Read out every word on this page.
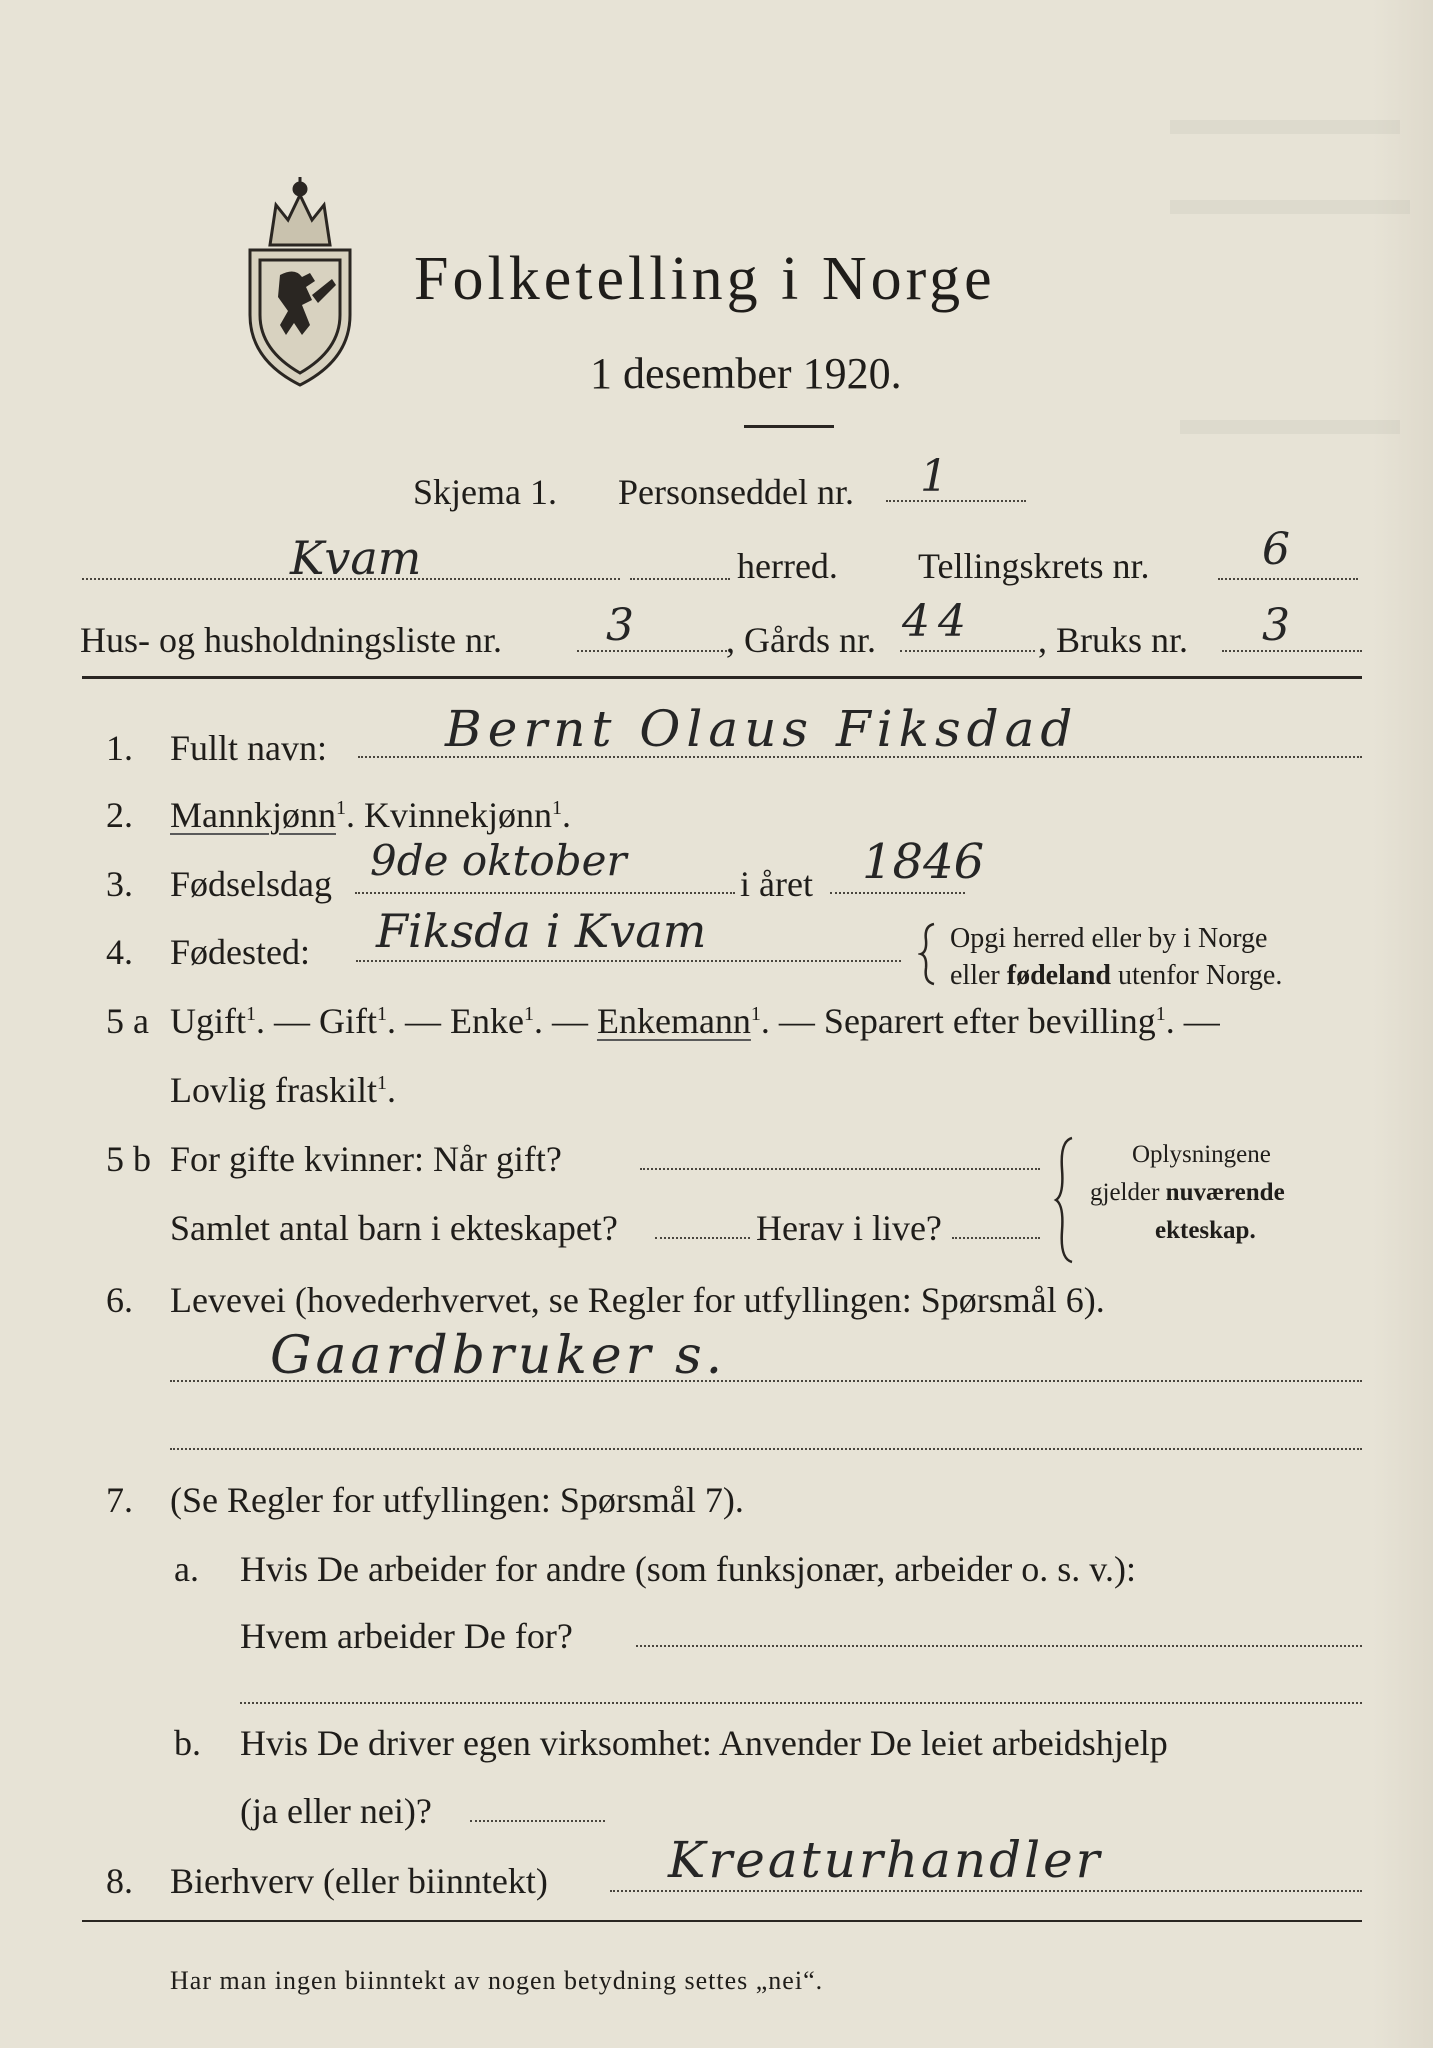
Folketelling i Norge
1 desember 1920.
Skjema 1. Personseddel nr. 1
Kvam	herred. Tellingskrets nr.	6
Hus- og husholdningsliste nr. 3	, Gårds nr. 44 , Bruks nr. 3
1. Fullt navn: Bernt Olaus Fiksdad
2. Mannkjønn$^1$. Kvinnekjønn$^1$.
3. Fødselsdag 9de oktober	i året 1846
4. Fødested: Fiksda i Kvam	Opgi herred eller by i Norge
eller fødeland utenfor Norge.
5 a Ugift$^1$. — Gift$^1$. — Enke$^1$. — Enkemann$^1$. — Separert efter bevilling$^1$. —
Lovlig fraskilt$^1$.
5 b For gifte kvinner: Når gift?
Samlet antal barn i ekteskapet?	Herav i live?
Oplysningene
gjelder nuværende
ekteskap.
6. Levevei (hovederhvervet, se Regler for utfyllingen: Spørsmål 6).
Gaardbruker s.
7. (Se Regler for utfyllingen: Spørsmål 7).
a. Hvis De arbeider for andre (som funksjonær, arbeider o. s. v.):
Hvem arbeider De for?
b. Hvis De driver egen virksomhet: Anvender De leiet arbeidshjelp
(ja eller nei)?
8. Bierhverv (eller biinntekt) Kreaturhandler
Har man ingen biinntekt av nogen betydning settes „nei“.
